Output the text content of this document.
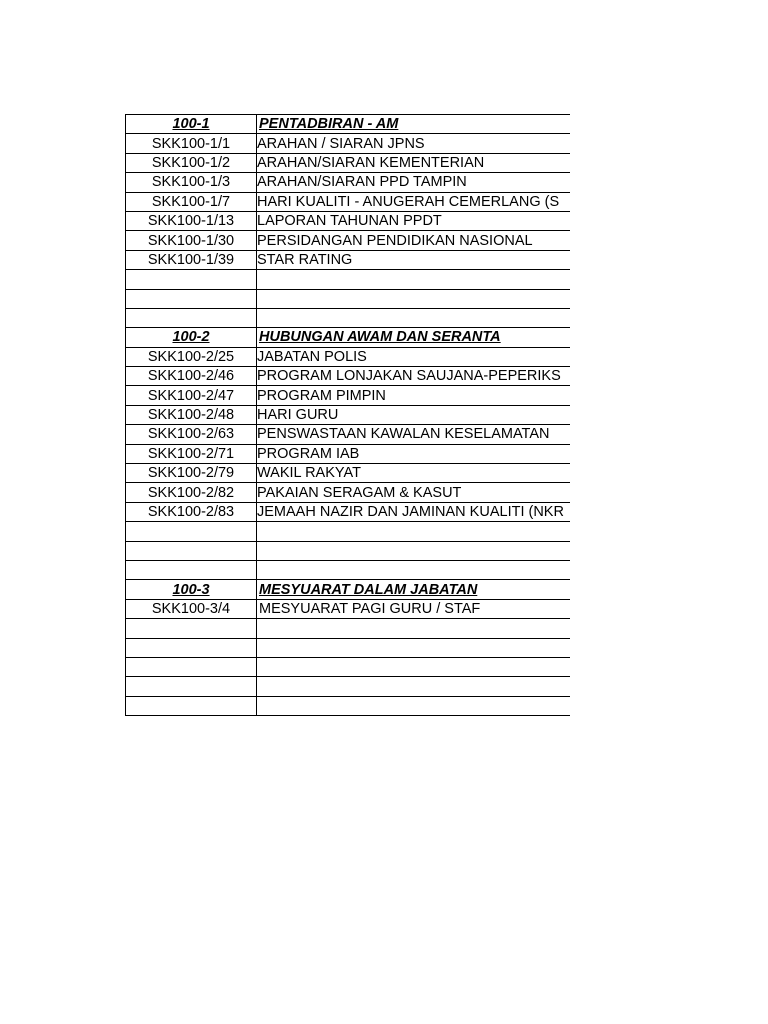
100-1	PENTADBIRAN - AM
SKK100-1/1	ARAHAN / SIARAN JPNS
SKK100-1/2	ARAHAN/SIARAN KEMENTERIAN
SKK100-1/3	ARAHAN/SIARAN PPD TAMPIN
SKK100-1/7	HARI KUALITI - ANUGERAH CEMERLANG (S
SKK100-1/13	LAPORAN TAHUNAN PPDT
SKK100-1/30	PERSIDANGAN PENDIDIKAN NASIONAL
SKK100-1/39	STAR RATING

100-2	HUBUNGAN AWAM DAN SERANTA
SKK100-2/25	JABATAN POLIS
SKK100-2/46	PROGRAM LONJAKAN SAUJANA-PEPERIKS
SKK100-2/47	PROGRAM PIMPIN
SKK100-2/48	HARI GURU
SKK100-2/63	PENSWASTAAN KAWALAN KESELAMATAN
SKK100-2/71	PROGRAM IAB
SKK100-2/79	WAKIL RAKYAT
SKK100-2/82	PAKAIAN SERAGAM & KASUT
SKK100-2/83	JEMAAH NAZIR DAN JAMINAN KUALITI (NKR

100-3	MESYUARAT DALAM JABATAN
SKK100-3/4	MESYUARAT PAGI GURU / STAF
